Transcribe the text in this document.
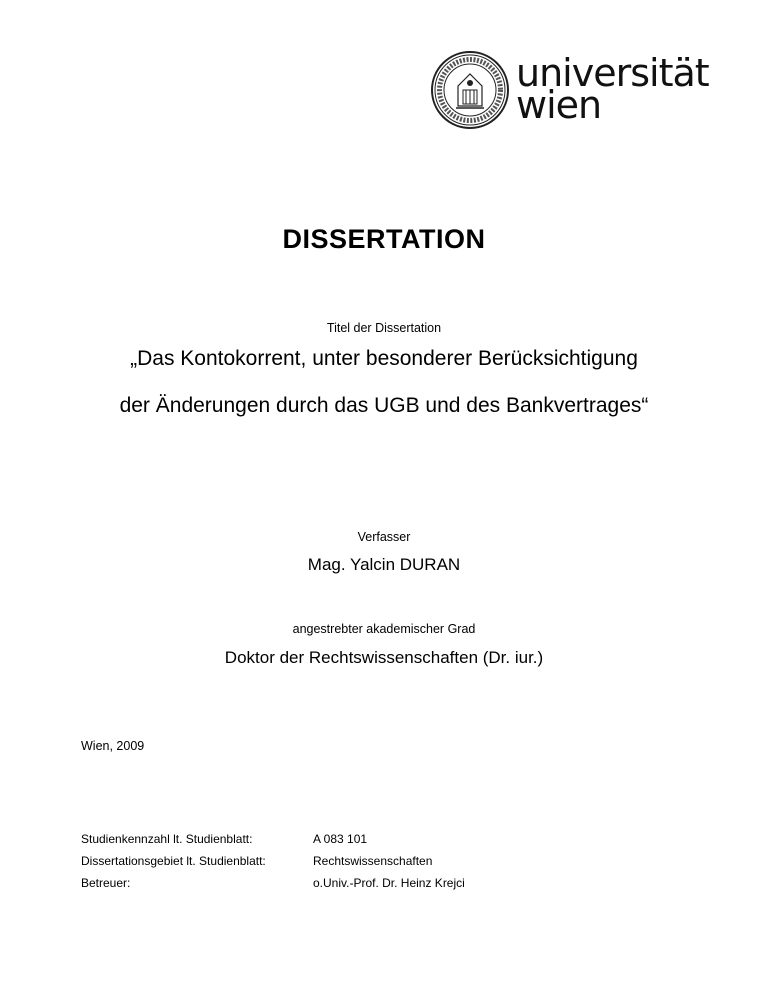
universität
wien
DISSERTATION
Titel der Dissertation
„Das Kontokorrent, unter besonderer Berücksichtigung
der Änderungen durch das UGB und des Bankvertrages“
Verfasser
Mag. Yalcin DURAN
angestrebter akademischer Grad
Doktor der Rechtswissenschaften (Dr. iur.)
Wien, 2009
Studienkennzahl lt. Studienblatt:	A 083 101
Dissertationsgebiet lt. Studienblatt:	Rechtswissenschaften
Betreuer:	o.Univ.-Prof. Dr. Heinz Krejci
